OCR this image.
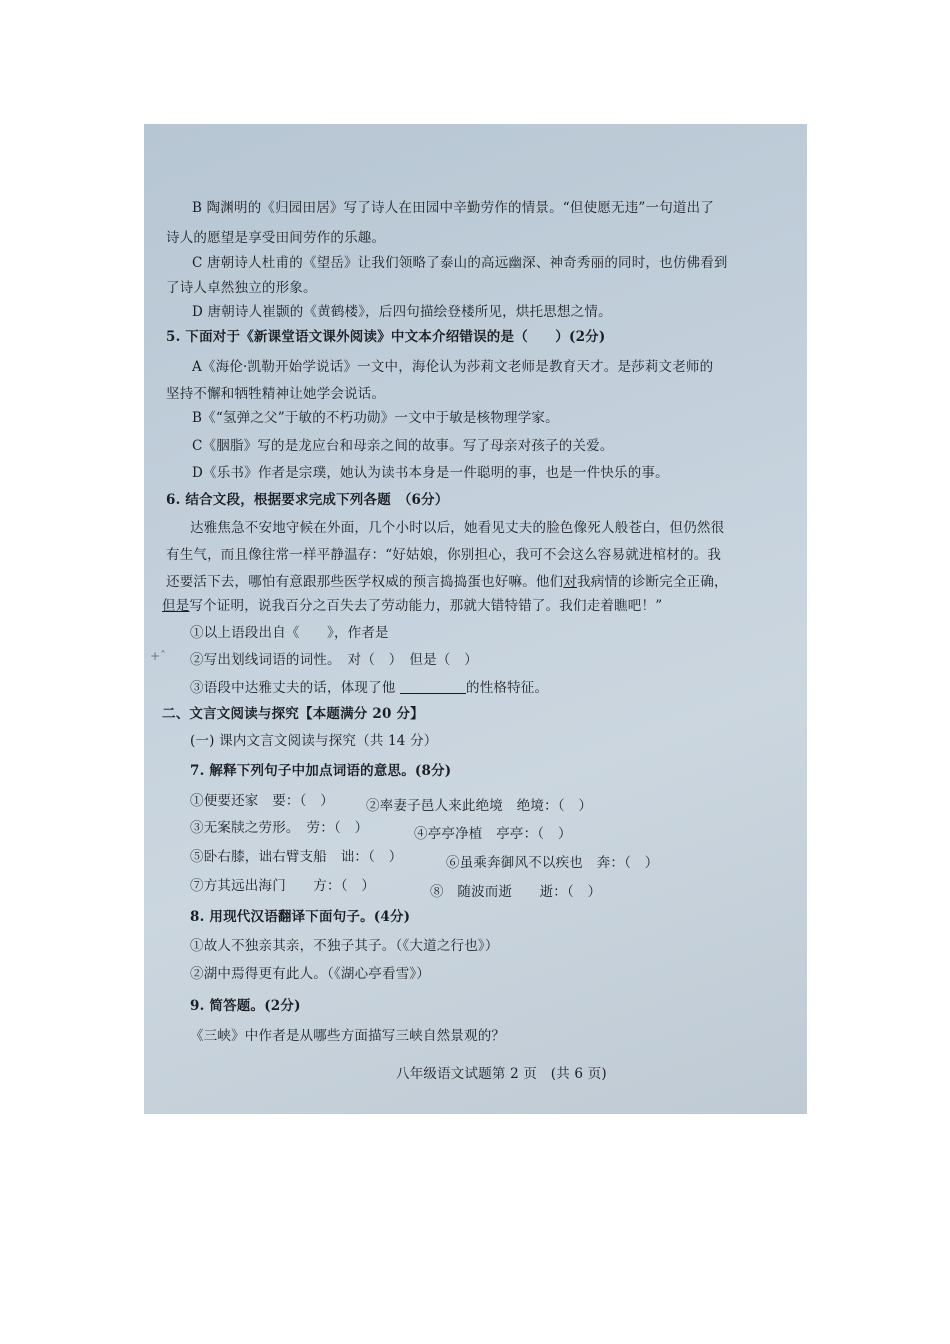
B 陶渊明的《归园田居》写了诗人在田园中辛勤劳作的情景。“但使愿无违”一句道出了
诗人的愿望是享受田间劳作的乐趣。
C 唐朝诗人杜甫的《望岳》让我们领略了泰山的高远幽深、神奇秀丽的同时，也仿佛看到
了诗人卓然独立的形象。
D 唐朝诗人崔颢的《黄鹤楼》，后四句描绘登楼所见，烘托思想之情。
5. 下面对于《新课堂语文课外阅读》中文本介绍错误的是（　　）(2分)
A《海伦·凯勒开始学说话》一文中，海伦认为莎莉文老师是教育天才。是莎莉文老师的
坚持不懈和牺牲精神让她学会说话。
B《“氢弹之父”于敏的不朽功勋》一文中于敏是核物理学家。
C《胭脂》写的是龙应台和母亲之间的故事。写了母亲对孩子的关爱。
D《乐书》作者是宗璞，她认为读书本身是一件聪明的事，也是一件快乐的事。
6. 结合文段，根据要求完成下列各题　（6分）
达雅焦急不安地守候在外面，几个小时以后，她看见丈夫的脸色像死人般苍白，但仍然很
有生气，而且像往常一样平静温存：“好姑娘，你别担心，我可不会这么容易就进棺材的。我
还要活下去，哪怕有意跟那些医学权威的预言捣捣蛋也好嘛。他们对我病情的诊断完全正确，
但是写个证明，说我百分之百失去了劳动能力，那就大错特错了。我们走着瞧吧！”
①以上语段出自《　　》，作者是
②写出划线词语的词性。　对（　）　但是（　）
③语段中达雅丈夫的话，体现了他	的性格特征。
+ˆ
二、文言文阅读与探究【本题满分 20 分】
(一) 课内文言文阅读与探究（共 14 分）
7. 解释下列句子中加点词语的意思。(8分)
①便要还家　要：（　） ②率妻子邑人来此绝境　绝境：（　）
③无案牍之劳形。　劳：（　）	④亭亭净植　亭亭：（　）
⑤卧右膝，诎右臂支船　诎：（　）	⑥虽乘奔御风不以疾也　奔：（　）
⑦方其远出海门　　方：（　）	⑧　随波而逝　　逝：（　）
8. 用现代汉语翻译下面句子。(4分)
①故人不独亲其亲，不独子其子。（《大道之行也》）
②湖中焉得更有此人。（《湖心亭看雪》）
9. 简答题。(2分)
《三峡》中作者是从哪些方面描写三峡自然景观的？
八年级语文试题第 2 页　(共 6 页)
